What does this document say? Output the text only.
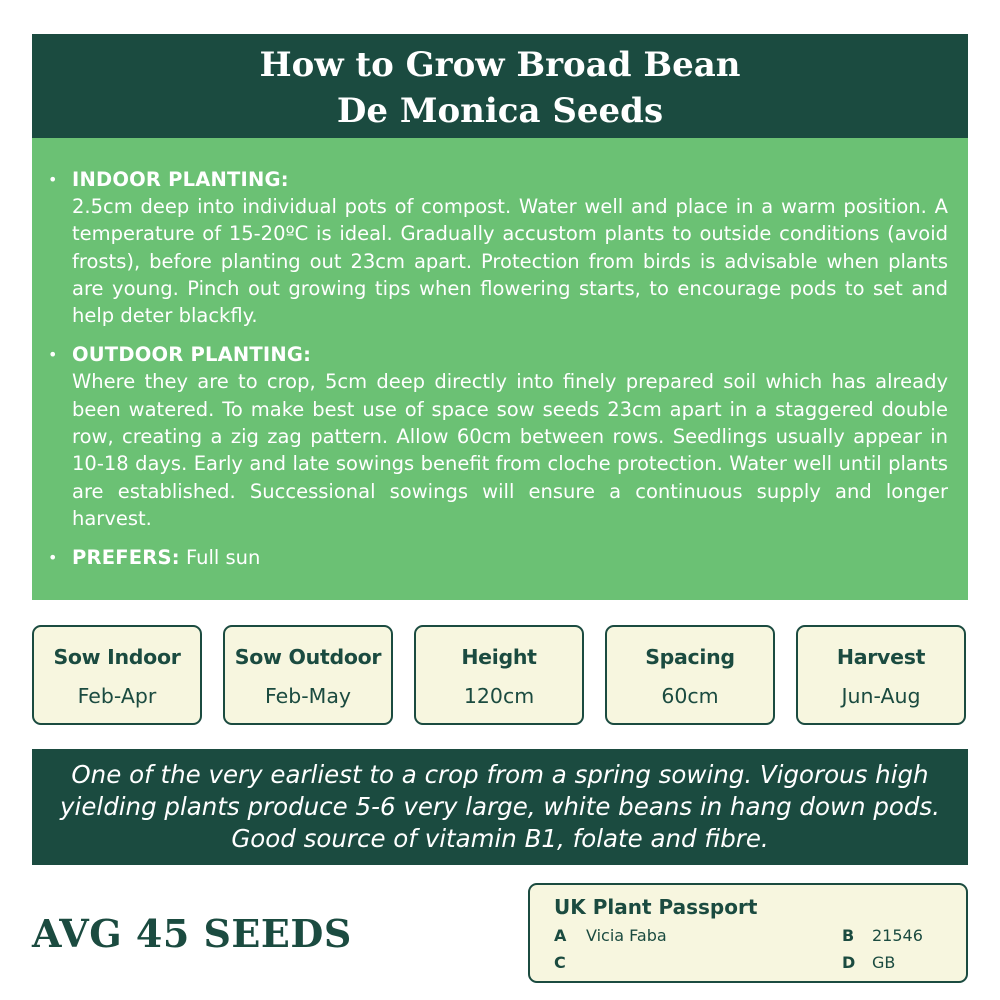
How to Grow Broad Bean
De Monica Seeds
• INDOOR PLANTING:
2.5cm deep into individual pots of compost. Water well and place in a warm position. A temperature of 15-20ºC is ideal. Gradually accustom plants to outside conditions (avoid frosts), before planting out 23cm apart. Protection from birds is advisable when plants are young. Pinch out growing tips when flowering starts, to encourage pods to set and help deter blackfly.
• OUTDOOR PLANTING:
Where they are to crop, 5cm deep directly into finely prepared soil which has already been watered. To make best use of space sow seeds 23cm apart in a staggered double row, creating a zig zag pattern. Allow 60cm between rows. Seedlings usually appear in 10-18 days. Early and late sowings benefit from cloche protection. Water well until plants are established. Successional sowings will ensure a continuous supply and longer harvest.
• PREFERS: Full sun
Sow Indoor
Feb-Apr
Sow Outdoor
Feb-May
Height
120cm
Spacing
60cm
Harvest
Jun-Aug
One of the very earliest to a crop from a spring sowing. Vigorous high yielding plants produce 5-6 very large, white beans in hang down pods. Good source of vitamin B1, folate and fibre.
AVG 45 SEEDS
UK Plant Passport
A Vicia Faba	B 21546
C	D GB
